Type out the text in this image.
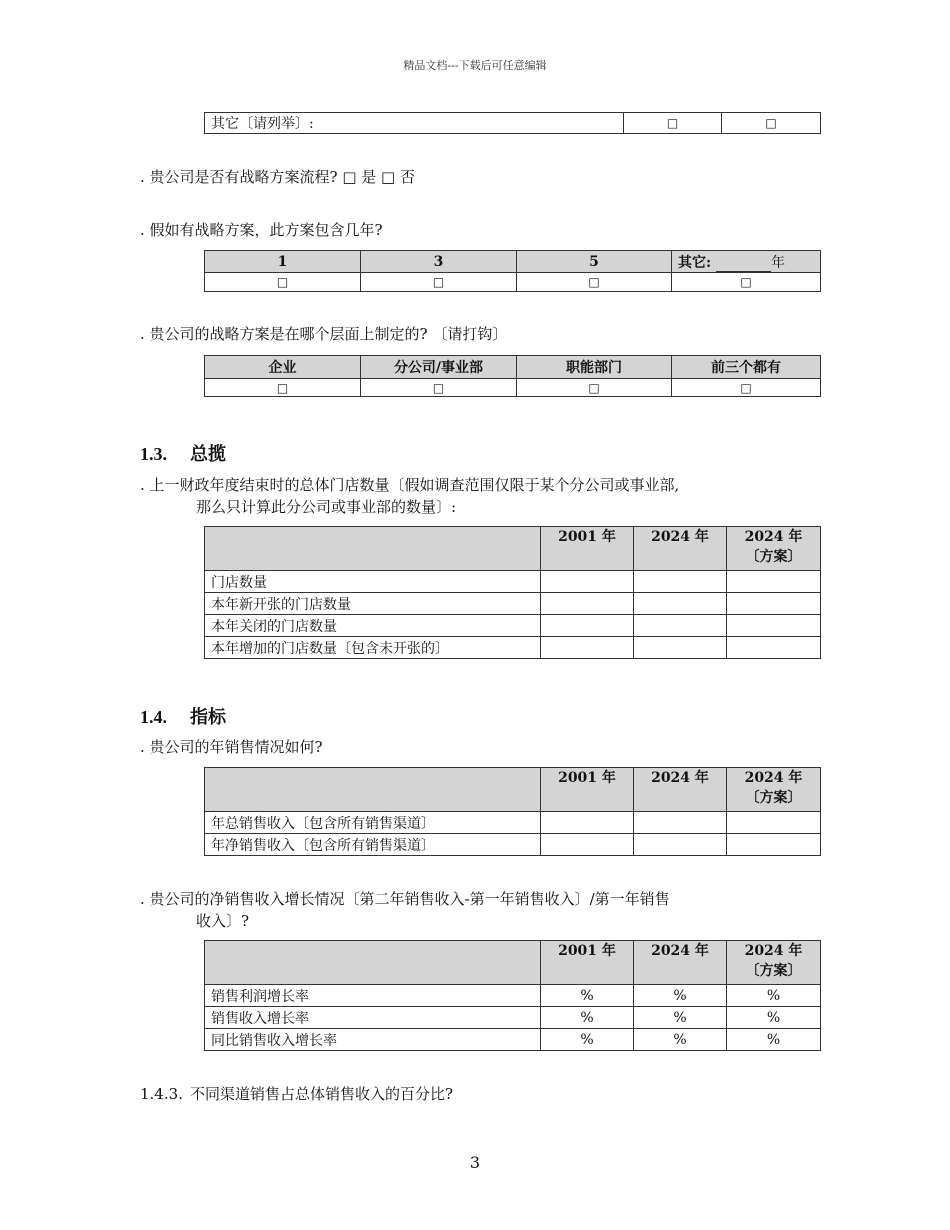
精品文档---下载后可任意编辑
其它〔请列举〕:	□	□
. 贵公司是否有战略方案流程? □ 是 □ 否
. 假如有战略方案，此方案包含几年?
1	3	5	其它: 年
□	□	□	□
. 贵公司的战略方案是在哪个层面上制定的? 〔请打钩〕
企业	分公司/事业部	职能部门	前三个都有
□	□	□	□
1.3. 总揽
. 上一财政年度结束时的总体门店数量〔假如调查范围仅限于某个分公司或事业部,
那么只计算此分公司或事业部的数量〕:
	2001 年	2024 年	2024 年
〔方案〕

门店数量			
本年新开张的门店数量			
本年关闭的门店数量			
本年增加的门店数量〔包含未开张的〕			
1.4. 指标
. 贵公司的年销售情况如何?
	2001 年	2024 年	2024 年
〔方案〕

年总销售收入〔包含所有销售渠道〕			
年净销售收入〔包含所有销售渠道〕			
. 贵公司的净销售收入增长情况〔第二年销售收入-第一年销售收入〕/第一年销售
收入〕?
	2001 年	2024 年	2024 年
〔方案〕

销售利润增长率	%	%	%
销售收入增长率	%	%	%
同比销售收入增长率	%	%	%
1.4.3. 不同渠道销售占总体销售收入的百分比?
3
